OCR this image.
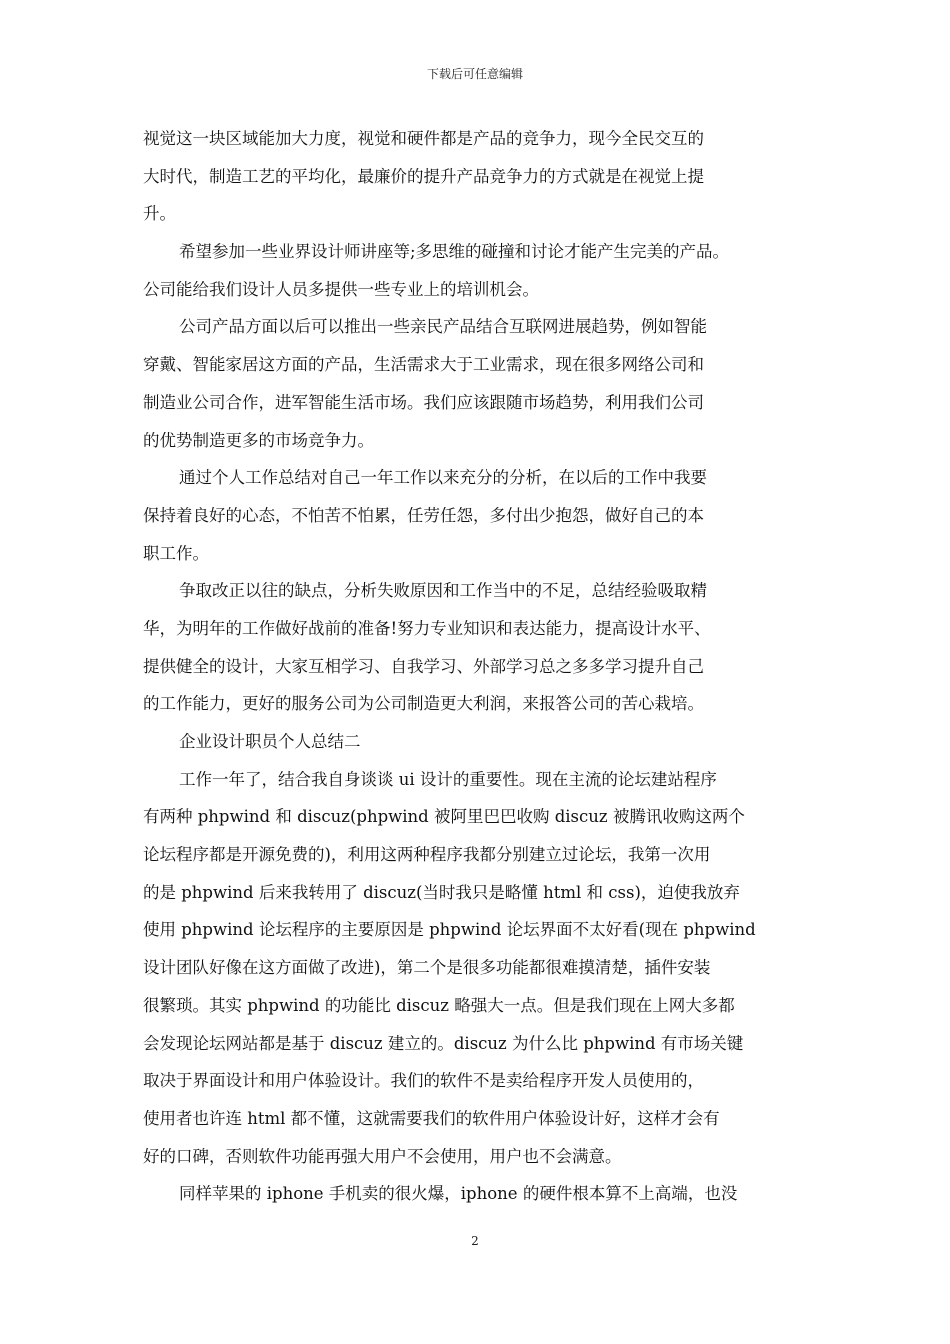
下载后可任意编辑
视觉这一块区域能加大力度，视觉和硬件都是产品的竞争力，现今全民交互的
大时代，制造工艺的平均化，最廉价的提升产品竞争力的方式就是在视觉上提
升。
希望参加一些业界设计师讲座等;多思维的碰撞和讨论才能产生完美的产品。
公司能给我们设计人员多提供一些专业上的培训机会。
公司产品方面以后可以推出一些亲民产品结合互联网进展趋势，例如智能
穿戴、智能家居这方面的产品，生活需求大于工业需求，现在很多网络公司和
制造业公司合作，进军智能生活市场。我们应该跟随市场趋势，利用我们公司
的优势制造更多的市场竞争力。
通过个人工作总结对自己一年工作以来充分的分析，在以后的工作中我要
保持着良好的心态，不怕苦不怕累，任劳任怨，多付出少抱怨，做好自己的本
职工作。
争取改正以往的缺点，分析失败原因和工作当中的不足，总结经验吸取精
华，为明年的工作做好战前的准备!努力专业知识和表达能力，提高设计水平、
提供健全的设计，大家互相学习、自我学习、外部学习总之多多学习提升自己
的工作能力，更好的服务公司为公司制造更大利润，来报答公司的苦心栽培。
企业设计职员个人总结二
工作一年了，结合我自身谈谈 ui 设计的重要性。现在主流的论坛建站程序
有两种 phpwind 和 discuz(phpwind 被阿里巴巴收购 discuz 被腾讯收购这两个
论坛程序都是开源免费的)，利用这两种程序我都分别建立过论坛，我第一次用
的是 phpwind 后来我转用了 discuz(当时我只是略懂 html 和 css)，迫使我放弃
使用 phpwind 论坛程序的主要原因是 phpwind 论坛界面不太好看(现在 phpwind
设计团队好像在这方面做了改进)，第二个是很多功能都很难摸清楚，插件安装
很繁琐。其实 phpwind 的功能比 discuz 略强大一点。但是我们现在上网大多都
会发现论坛网站都是基于 discuz 建立的。discuz 为什么比 phpwind 有市场关键
取决于界面设计和用户体验设计。我们的软件不是卖给程序开发人员使用的，
使用者也许连 html 都不懂，这就需要我们的软件用户体验设计好，这样才会有
好的口碑，否则软件功能再强大用户不会使用，用户也不会满意。
同样苹果的 iphone 手机卖的很火爆，iphone 的硬件根本算不上高端，也没
2
